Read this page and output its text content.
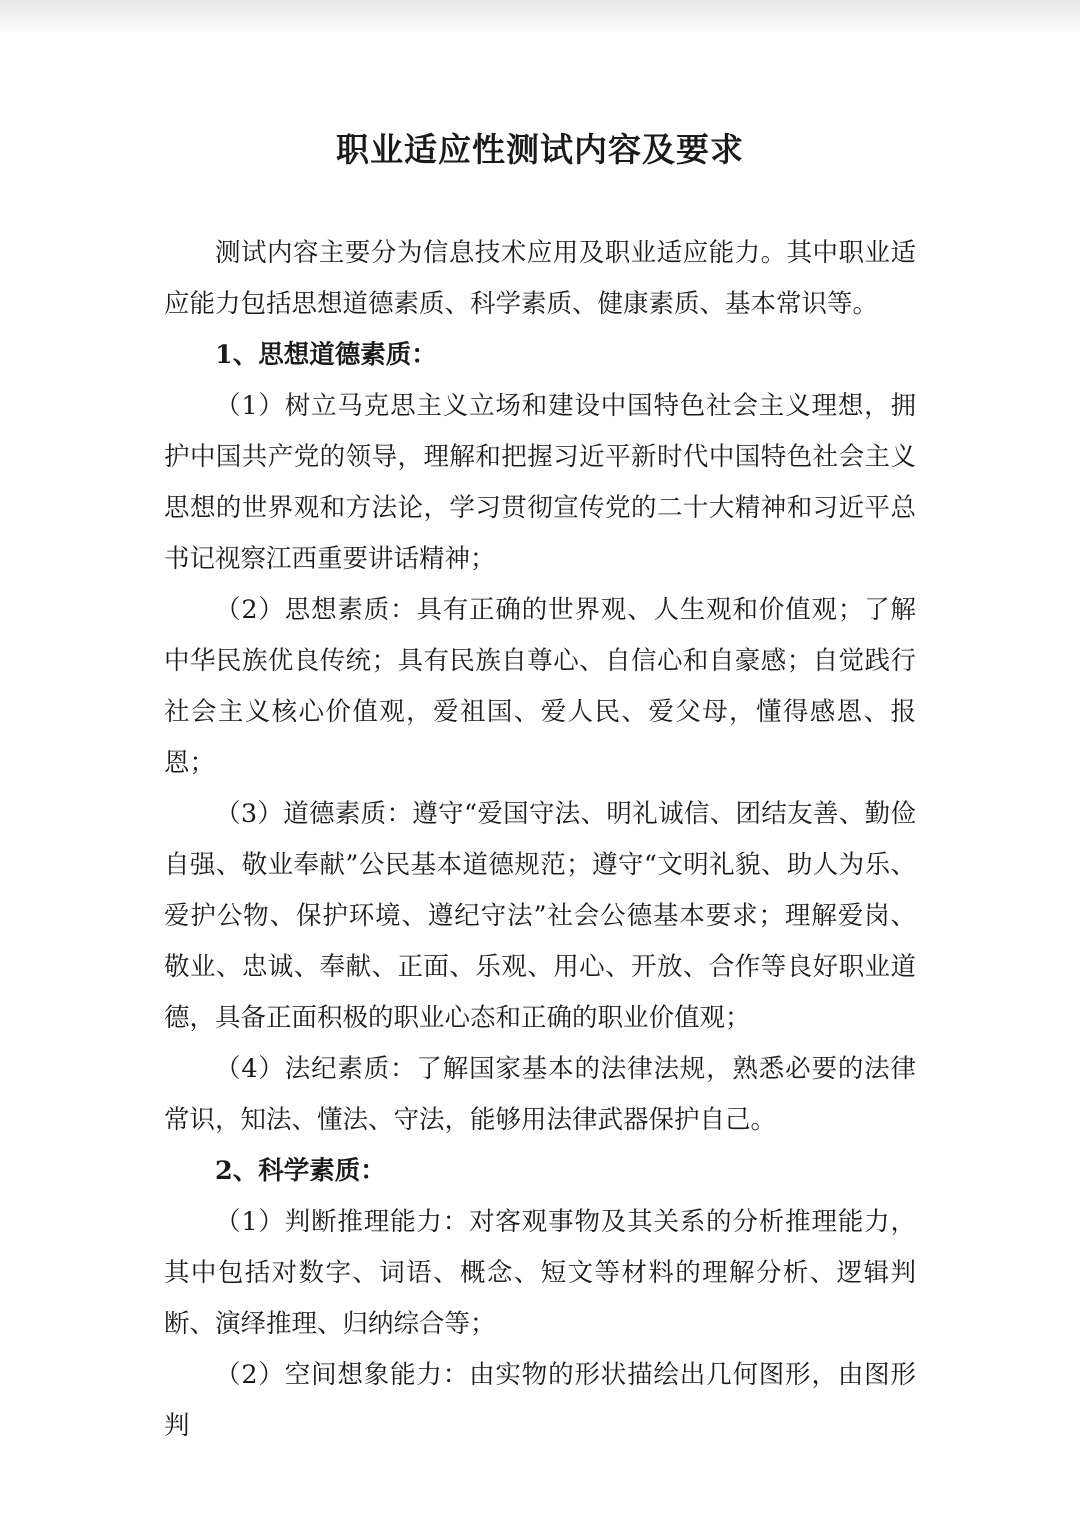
职业适应性测试内容及要求

测试内容主要分为信息技术应用及职业适应能力。其中职业适应能力包括思想道德素质、科学素质、健康素质、基本常识等。

1、思想道德素质：

（1）树立马克思主义立场和建设中国特色社会主义理想，拥护中国共产党的领导，理解和把握习近平新时代中国特色社会主义思想的世界观和方法论，学习贯彻宣传党的二十大精神和习近平总书记视察江西重要讲话精神；

（2）思想素质：具有正确的世界观、人生观和价值观；了解中华民族优良传统；具有民族自尊心、自信心和自豪感；自觉践行社会主义核心价值观，爱祖国、爱人民、爱父母，懂得感恩、报恩；

（3）道德素质：遵守“爱国守法、明礼诚信、团结友善、勤俭自强、敬业奉献”公民基本道德规范；遵守“文明礼貌、助人为乐、爱护公物、保护环境、遵纪守法”社会公德基本要求；理解爱岗、敬业、忠诚、奉献、正面、乐观、用心、开放、合作等良好职业道德，具备正面积极的职业心态和正确的职业价值观；

（4）法纪素质：了解国家基本的法律法规，熟悉必要的法律常识，知法、懂法、守法，能够用法律武器保护自己。

2、科学素质：

（1）判断推理能力：对客观事物及其关系的分析推理能力，其中包括对数字、词语、概念、短文等材料的理解分析、逻辑判断、演绎推理、归纳综合等；

（2）空间想象能力：由实物的形状描绘出几何图形，由图形判
